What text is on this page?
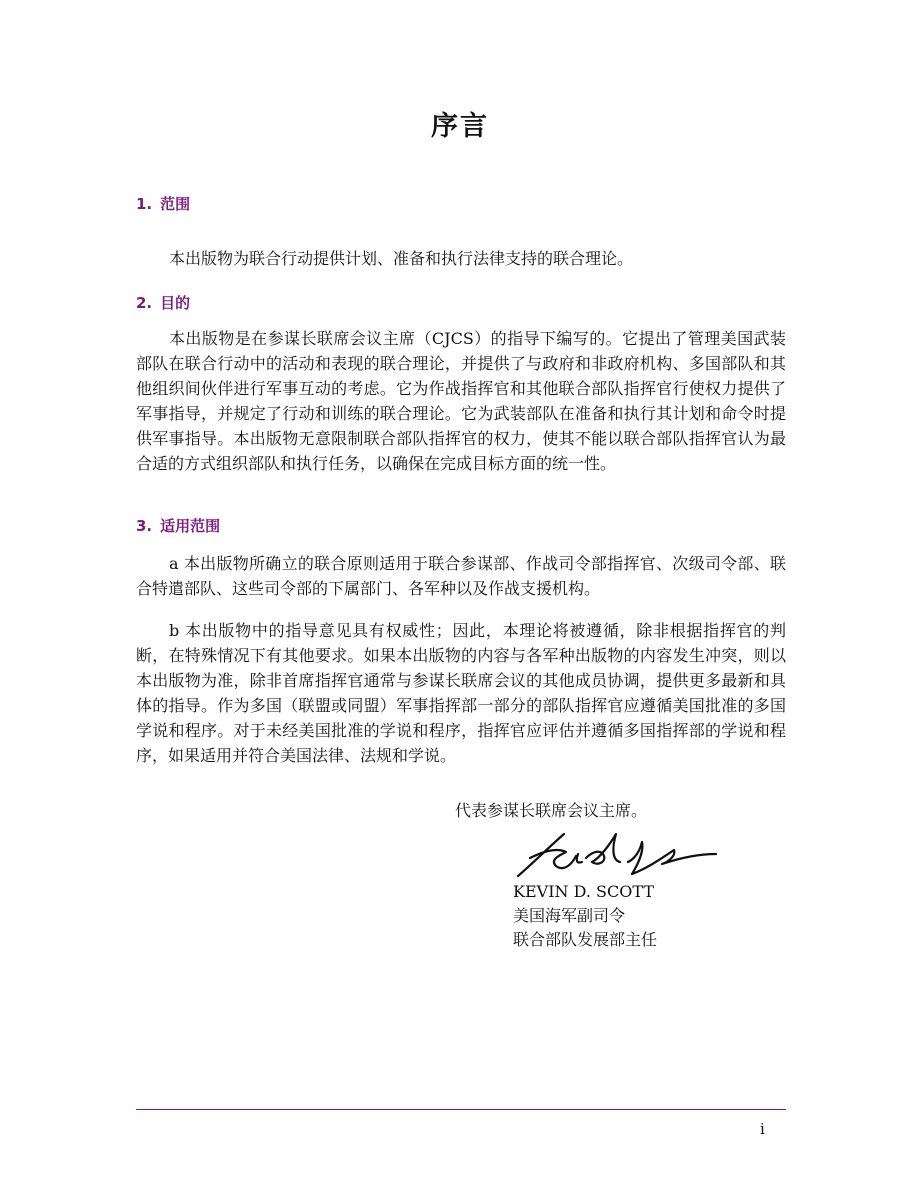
序言
1. 范围

本出版物为联合行动提供计划、准备和执行法律支持的联合理论。

2. 目的

本出版物是在参谋长联席会议主席（CJCS）的指导下编写的。它提出了管理美国武装部队在联合行动中的活动和表现的联合理论，并提供了与政府和非政府机构、多国部队和其他组织间伙伴进行军事互动的考虑。它为作战指挥官和其他联合部队指挥官行使权力提供了军事指导，并规定了行动和训练的联合理论。它为武装部队在准备和执行其计划和命令时提供军事指导。本出版物无意限制联合部队指挥官的权力，使其不能以联合部队指挥官认为最合适的方式组织部队和执行任务，以确保在完成目标方面的统一性。

3. 适用范围

a 本出版物所确立的联合原则适用于联合参谋部、作战司令部指挥官、次级司令部、联合特遣部队、这些司令部的下属部门、各军种以及作战支援机构。

b 本出版物中的指导意见具有权威性；因此，本理论将被遵循，除非根据指挥官的判断，在特殊情况下有其他要求。如果本出版物的内容与各军种出版物的内容发生冲突，则以本出版物为准，除非首席指挥官通常与参谋长联席会议的其他成员协调，提供更多最新和具体的指导。作为多国（联盟或同盟）军事指挥部一部分的部队指挥官应遵循美国批准的多国学说和程序。对于未经美国批准的学说和程序，指挥官应评估并遵循多国指挥部的学说和程序，如果适用并符合美国法律、法规和学说。

代表参谋长联席会议主席。
KEVIN D. SCOTT
美国海军副司令
联合部队发展部主任
i
